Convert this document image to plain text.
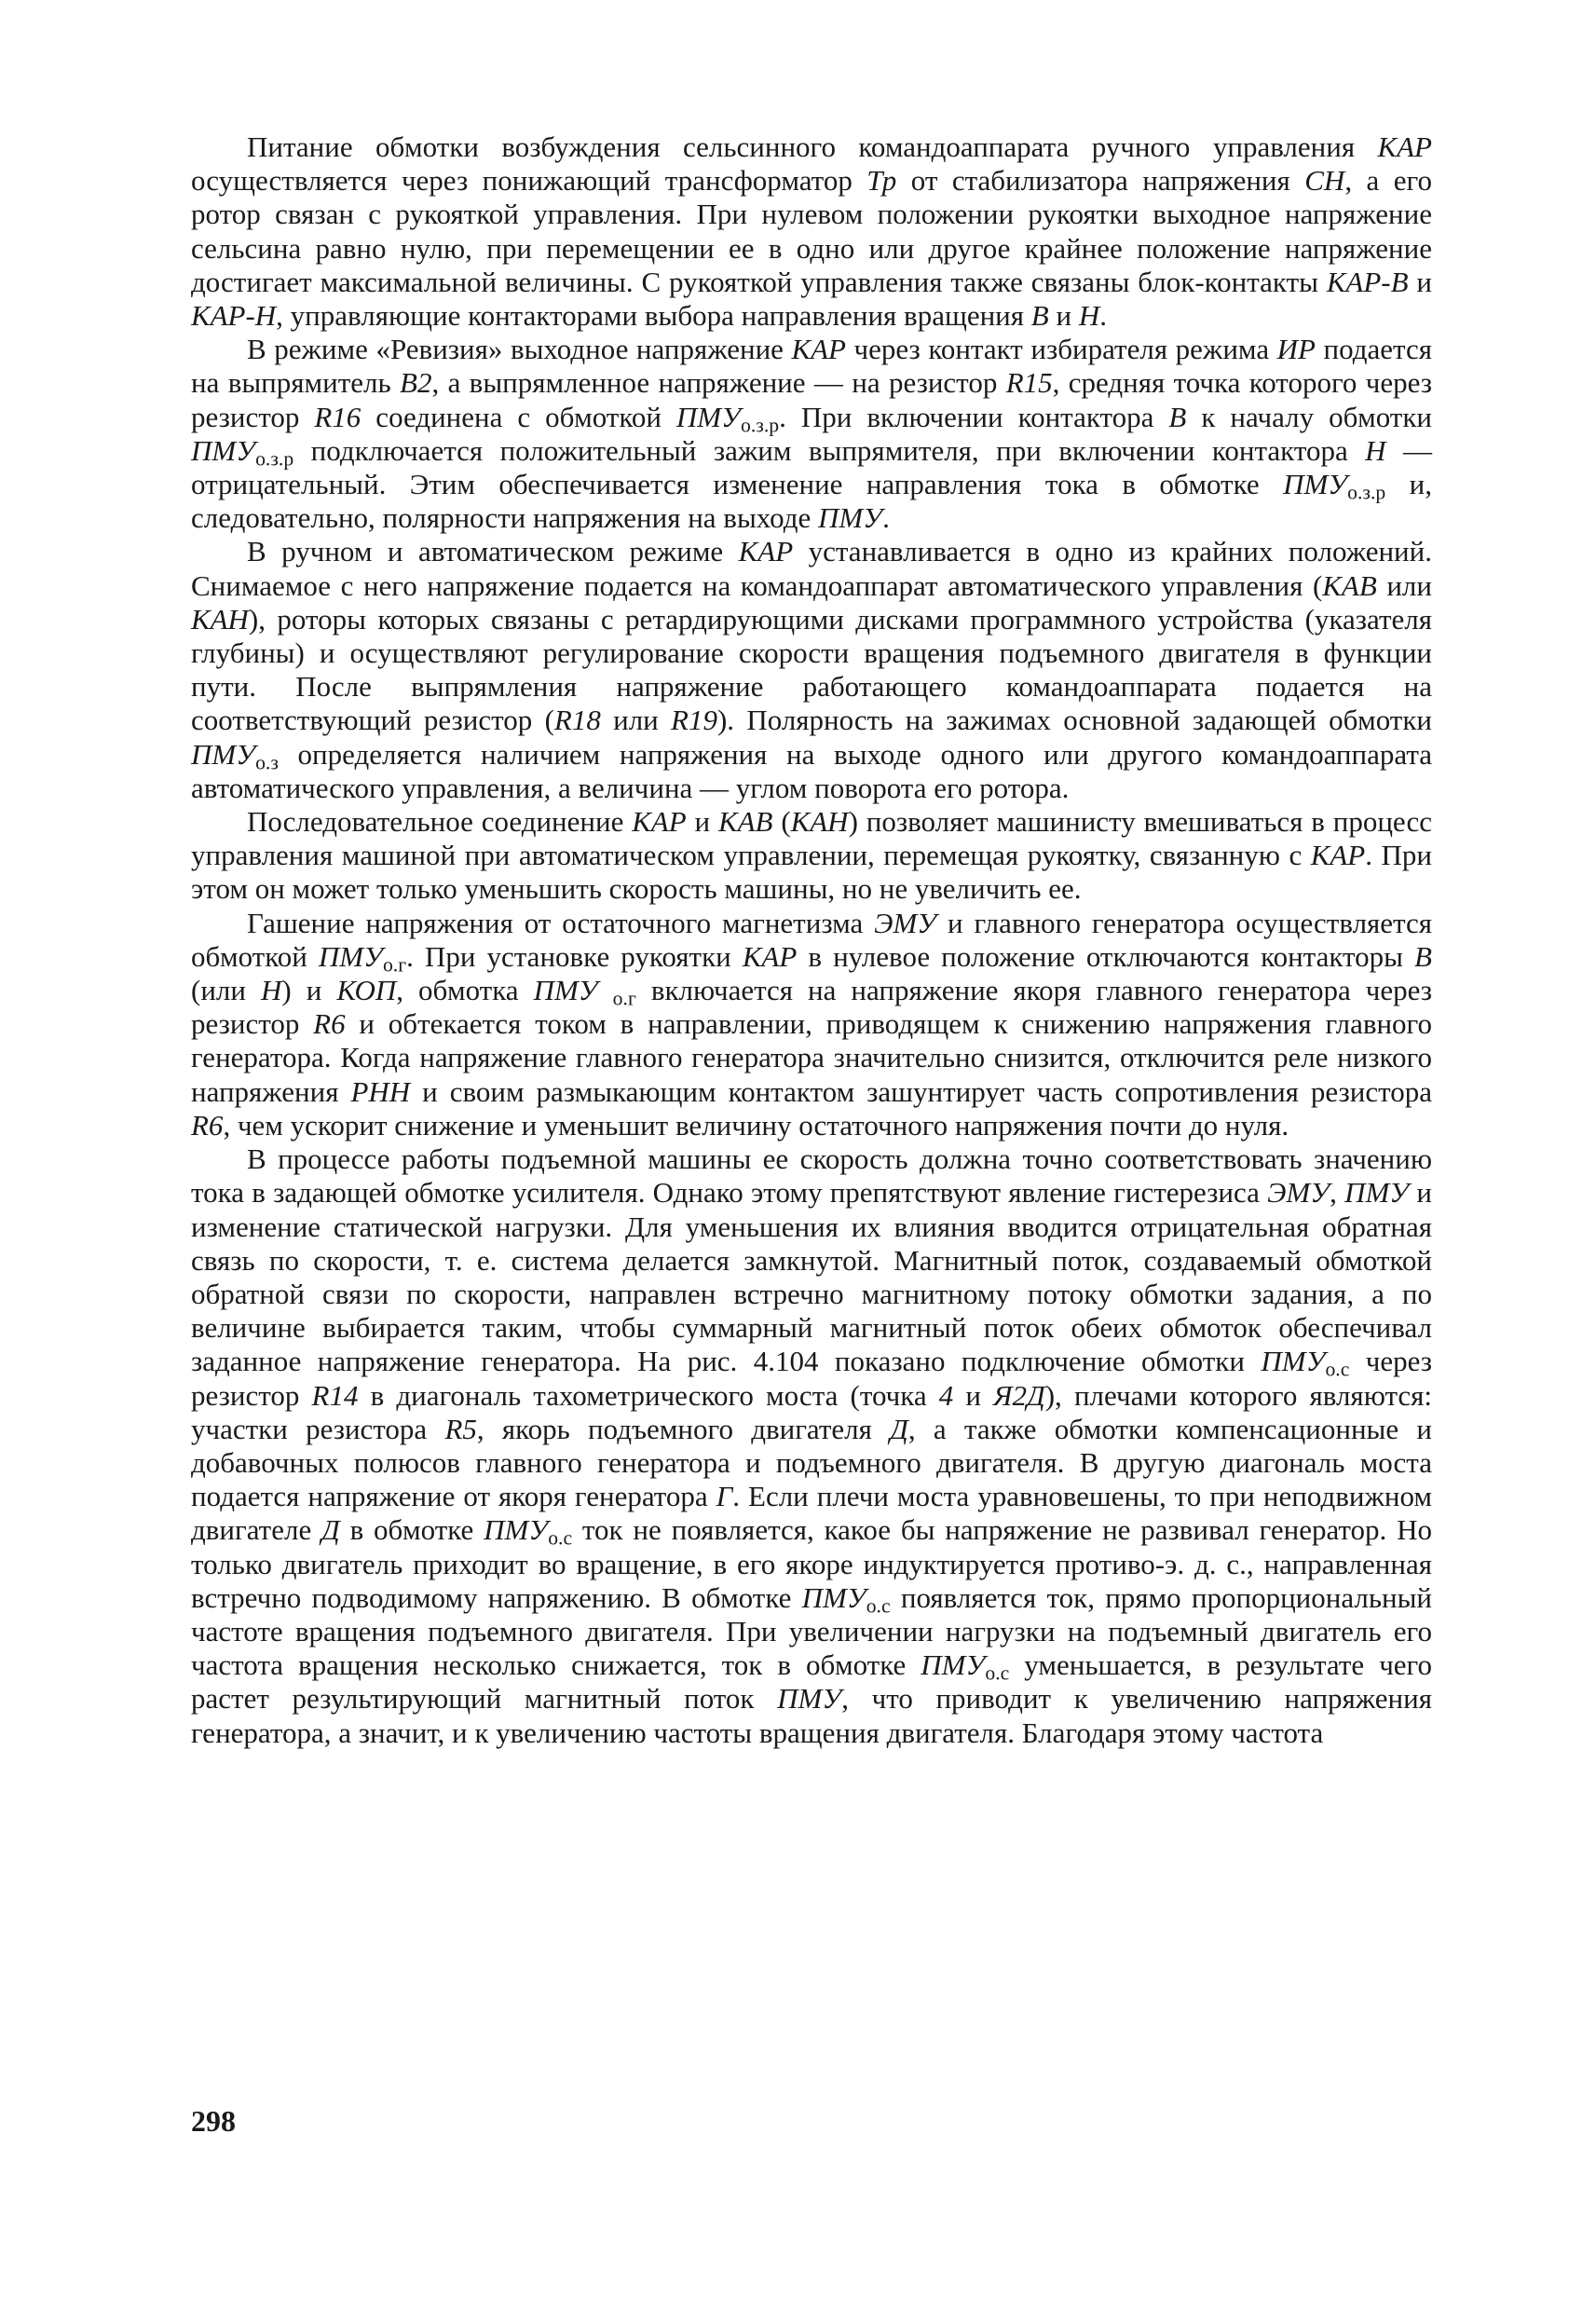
Питание обмотки возбуждения сельсинного командоаппарата ручного управления КАР осуществляется через понижающий трансформатор Тр от стабилизатора напряжения СН, а его ротор связан с рукояткой управления. При нулевом положении рукоятки выходное напряжение сельсина равно нулю, при перемещении ее в одно или другое крайнее положение напряжение достигает максимальной величины. С рукояткой управления также связаны блок-контакты КАР-В и КАР-Н, управляющие контакторами выбора направления вращения В и Н.

В режиме «Ревизия» выходное напряжение КАР через контакт избирателя режима ИР подается на выпрямитель В2, а выпрямленное напряжение — на резистор R15, средняя точка которого через резистор R16 соединена с обмоткой $ПМУ_{о.з.р}$. При включении контактора В к началу обмотки $ПМУ_{о.з.р}$ подключается положительный зажим выпрямителя, при включении контактора Н — отрицательный. Этим обеспечивается изменение направления тока в обмотке $ПМУ_{о.з.р}$ и, следовательно, полярности напряжения на выходе ПМУ.

В ручном и автоматическом режиме КАР устанавливается в одно из крайних положений. Снимаемое с него напряжение подается на командоаппарат автоматического управления (КАВ или КАН), роторы которых связаны с ретардирующими дисками программного устройства (указателя глубины) и осуществляют регулирование скорости вращения подъемного двигателя в функции пути. После выпрямления напряжение работающего командоаппарата подается на соответствующий резистор (R18 или R19). Полярность на зажимах основной задающей обмотки $ПМУ_{о.з}$ определяется наличием напряжения на выходе одного или другого командоаппарата автоматического управления, а величина — углом поворота его ротора.

Последовательное соединение КАР и КАВ (КАН) позволяет машинисту вмешиваться в процесс управления машиной при автоматическом управлении, перемещая рукоятку, связанную с КАР. При этом он может только уменьшить скорость машины, но не увеличить ее.

Гашение напряжения от остаточного магнетизма ЭМУ и главного генератора осуществляется обмоткой $ПМУ_{о.г}$. При установке рукоятки КАР в нулевое положение отключаются контакторы В (или Н) и КОП, обмотка ПМУ $_{о.г}$ включается на напряжение якоря главного генератора через резистор R6 и обтекается током в направлении, приводящем к снижению напряжения главного генератора. Когда напряжение главного генератора значительно снизится, отключится реле низкого напряжения РНН и своим размыкающим контактом зашунтирует часть сопротивления резистора R6, чем ускорит снижение и уменьшит величину остаточного напряжения почти до нуля.

В процессе работы подъемной машины ее скорость должна точно соответствовать значению тока в задающей обмотке усилителя. Однако этому препятствуют явление гистерезиса ЭМУ, ПМУ и изменение статической нагрузки. Для уменьшения их влияния вводится отрицательная обратная связь по скорости, т. е. система делается замкнутой. Магнитный поток, создаваемый обмоткой обратной связи по скорости, направлен встречно магнитному потоку обмотки задания, а по величине выбирается таким, чтобы суммарный магнитный поток обеих обмоток обеспечивал заданное напряжение генератора. На рис. 4.104 показано подключение обмотки $ПМУ_{о.с}$ через резистор R14 в диагональ тахометрического моста (точка 4 и Я2Д), плечами которого являются: участки резистора R5, якорь подъемного двигателя Д, а также обмотки компенсационные и добавочных полюсов главного генератора и подъемного двигателя. В другую диагональ моста подается напряжение от якоря генератора Г. Если плечи моста уравновешены, то при неподвижном двигателе Д в обмотке $ПМУ_{о.с}$ ток не появляется, какое бы напряжение не развивал генератор. Но только двигатель приходит во вращение, в его якоре индуктируется противо-э. д. с., направленная встречно подводимому напряжению. В обмотке $ПМУ_{о.с}$ появляется ток, прямо пропорциональный частоте вращения подъемного двигателя. При увеличении нагрузки на подъемный двигатель его частота вращения несколько снижается, ток в обмотке $ПМУ_{о.с}$ уменьшается, в результате чего растет результирующий магнитный поток ПМУ, что приводит к увеличению напряжения генератора, а значит, и к увеличению частоты вращения двигателя. Благодаря этому частота

298
